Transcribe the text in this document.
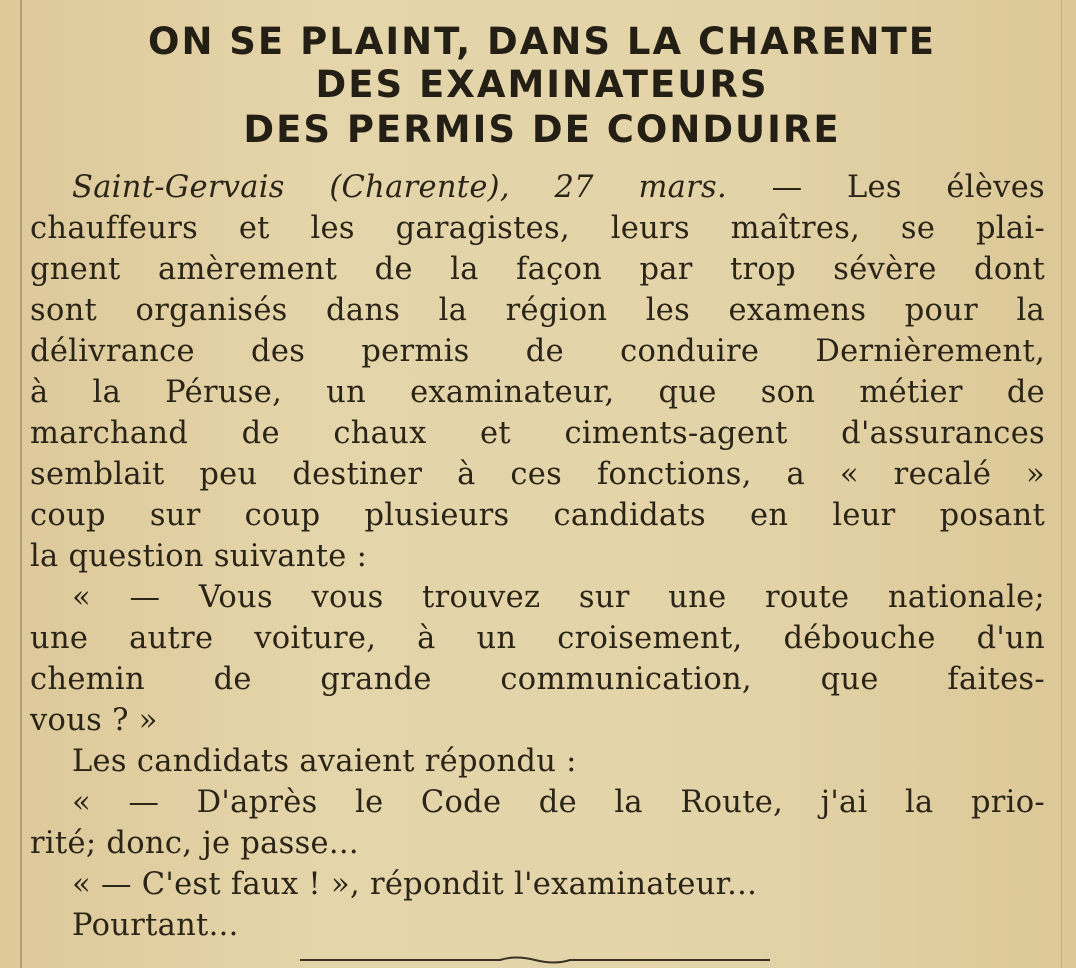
ON SE PLAINT, DANS LA CHARENTE
DES EXAMINATEURS
DES PERMIS DE CONDUIRE
Saint-Gervais (Charente), 27 mars. — Les élèves
chauffeurs et les garagistes, leurs maîtres, se plai-
gnent amèrement de la façon par trop sévère dont
sont organisés dans la région les examens pour la
délivrance des permis de conduire Dernièrement,
à la Péruse, un examinateur, que son métier de
marchand de chaux et ciments-agent d'assurances
semblait peu destiner à ces fonctions, a « recalé »
coup sur coup plusieurs candidats en leur posant
la question suivante :
« — Vous vous trouvez sur une route nationale;
une autre voiture, à un croisement, débouche d'un
chemin de grande communication, que faites-
vous ? »
Les candidats avaient répondu :
« — D'après le Code de la Route, j'ai la prio-
rité; donc, je passe...
« — C'est faux ! », répondit l'examinateur...
Pourtant...
